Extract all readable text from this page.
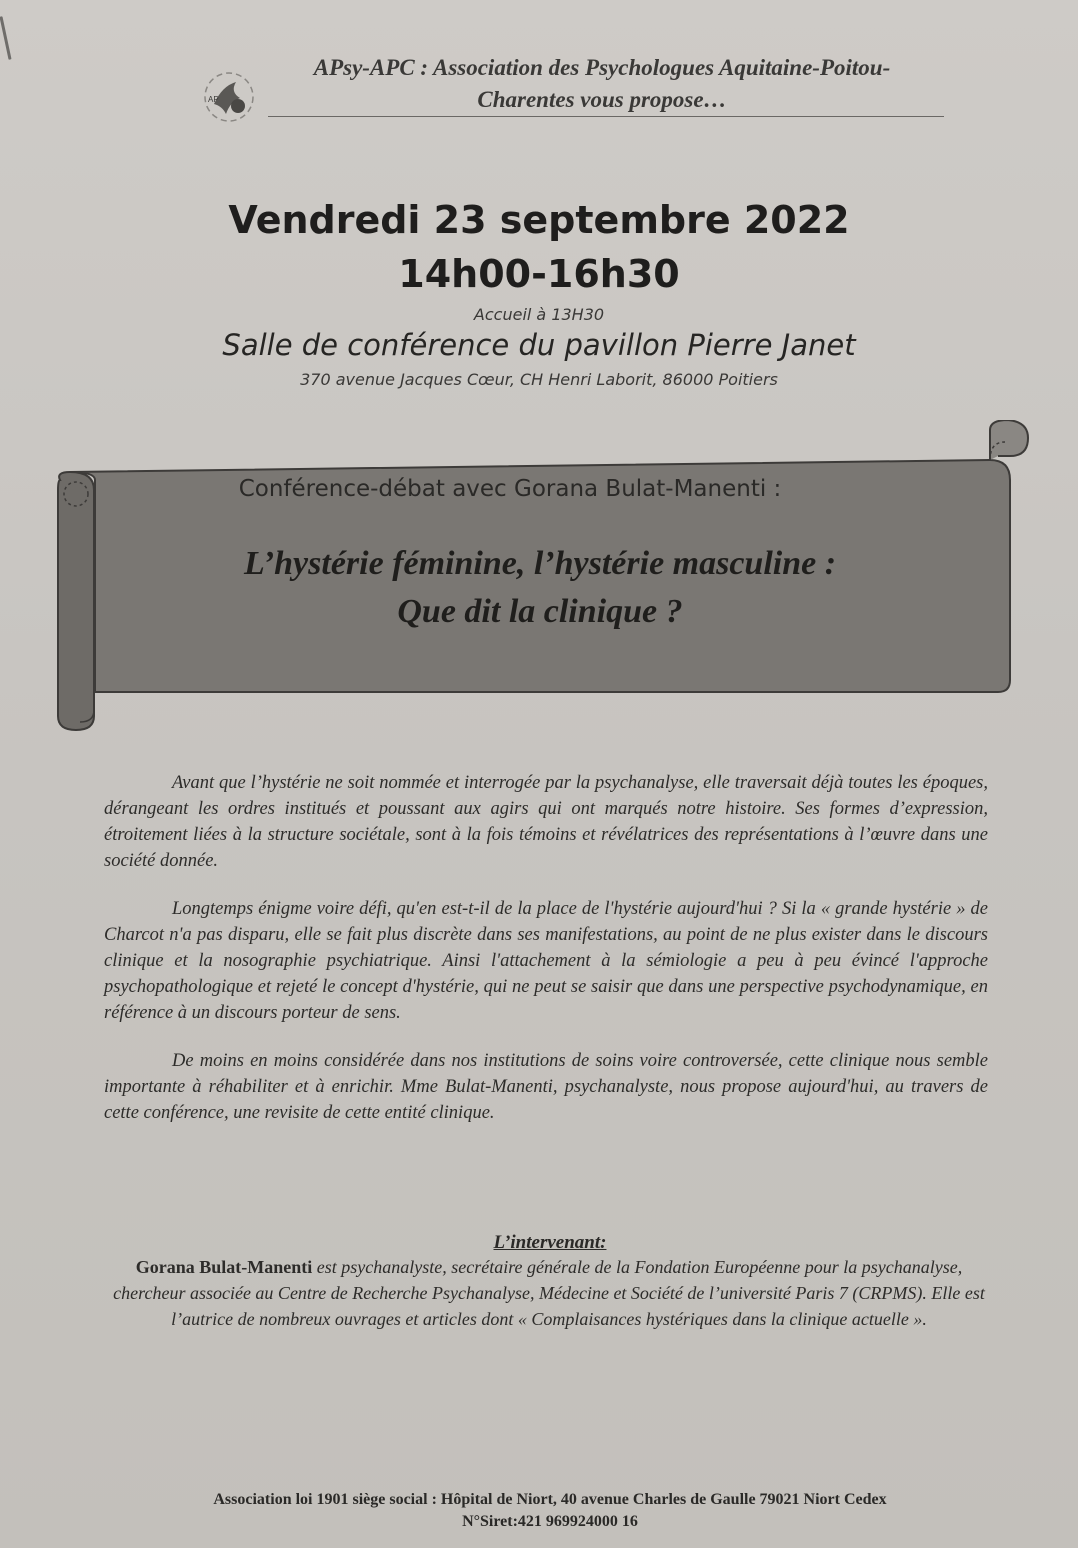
AP
APsy-APC : Association des Psychologues Aquitaine-Poitou-
Charentes vous propose…
Vendredi 23 septembre 2022
14h00-16h30
Accueil à 13H30
Salle de conférence du pavillon Pierre Janet
370 avenue Jacques Cœur, CH Henri Laborit, 86000 Poitiers
Conférence-débat avec Gorana Bulat-Manenti :
L’hystérie féminine, l’hystérie masculine :
Que dit la clinique ?

Avant que l’hystérie ne soit nommée et interrogée par la psychanalyse, elle traversait déjà toutes les époques, dérangeant les ordres institués et poussant aux agirs qui ont marqués notre histoire. Ses formes d’expression, étroitement liées à la structure sociétale, sont à la fois témoins et révélatrices des représentations à l’œuvre dans une société donnée.

Longtemps énigme voire défi, qu'en est-t-il de la place de l'hystérie aujourd'hui ? Si la « grande hystérie » de Charcot n'a pas disparu, elle se fait plus discrète dans ses manifestations, au point de ne plus exister dans le discours clinique et la nosographie psychiatrique. Ainsi l'attachement à la sémiologie a peu à peu évincé l'approche psychopathologique et rejeté le concept d'hystérie, qui ne peut se saisir que dans une perspective psychodynamique, en référence à un discours porteur de sens.

De moins en moins considérée dans nos institutions de soins voire controversée, cette clinique nous semble importante à réhabiliter et à enrichir. Mme Bulat-Manenti, psychanalyste, nous propose aujourd'hui, au travers de cette conférence, une revisite de cette entité clinique.

L’intervenant:
Gorana Bulat-Manenti est psychanalyste, secrétaire générale de la Fondation Européenne pour la psychanalyse, chercheur associée au Centre de Recherche Psychanalyse, Médecine et Société de l’université Paris 7 (CRPMS). Elle est l’autrice de nombreux ouvrages et articles dont « Complaisances hystériques dans la clinique actuelle ».
Association loi 1901 siège social : Hôpital de Niort, 40 avenue Charles de Gaulle 79021 Niort Cedex
N°Siret:421 969924000 16
